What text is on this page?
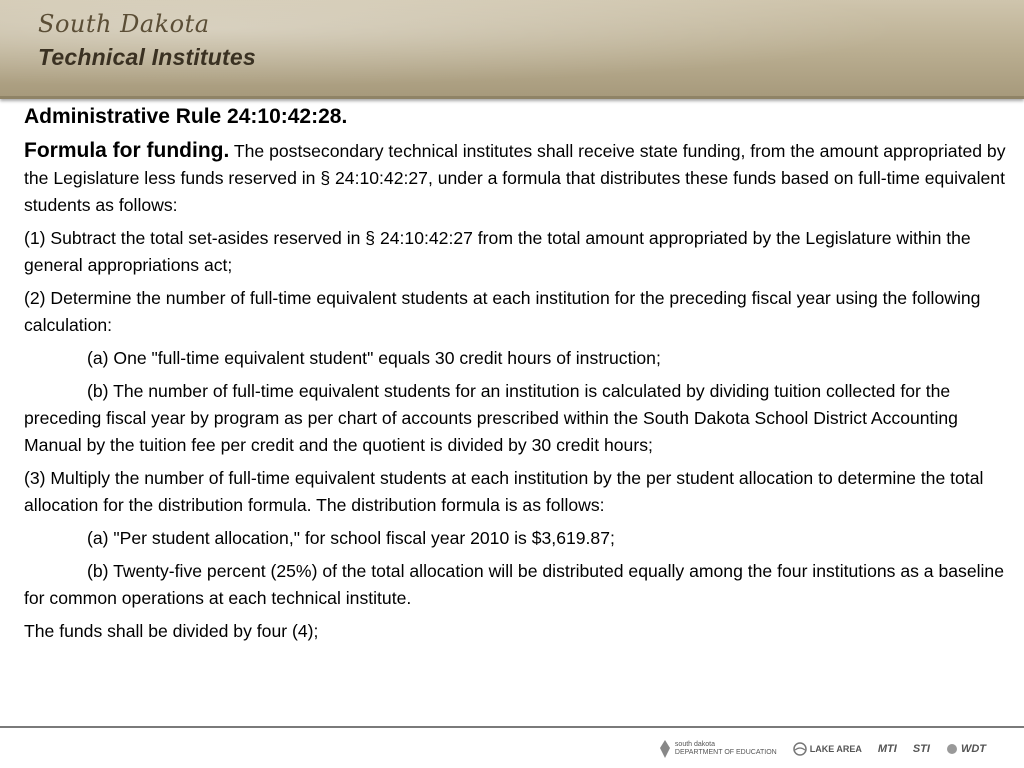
South Dakota
Technical Institutes
Administrative Rule 24:10:42:28.

Formula for funding. The postsecondary technical institutes shall receive state funding, from the amount appropriated by the Legislature less funds reserved in § 24:10:42:27, under a formula that distributes these funds based on full-time equivalent students as follows:

(1) Subtract the total set-asides reserved in § 24:10:42:27 from the total amount appropriated by the Legislature within the general appropriations act;

(2) Determine the number of full-time equivalent students at each institution for the preceding fiscal year using the following calculation:

(a) One "full-time equivalent student" equals 30 credit hours of instruction;

(b) The number of full-time equivalent students for an institution is calculated by dividing tuition collected for the preceding fiscal year by program as per chart of accounts prescribed within the South Dakota School District Accounting Manual by the tuition fee per credit and the quotient is divided by 30 credit hours;

(3) Multiply the number of full-time equivalent students at each institution by the per student allocation to determine the total allocation for the distribution formula. The distribution formula is as follows:

(a) "Per student allocation," for school fiscal year 2010 is $3,619.87;

(b) Twenty-five percent (25%) of the total allocation will be distributed equally among the four institutions as a baseline for common operations at each technical institute.

The funds shall be divided by four (4);

south dakota
DEPARTMENT OF EDUCATION	LAKE AREA MTI STI	WDT
